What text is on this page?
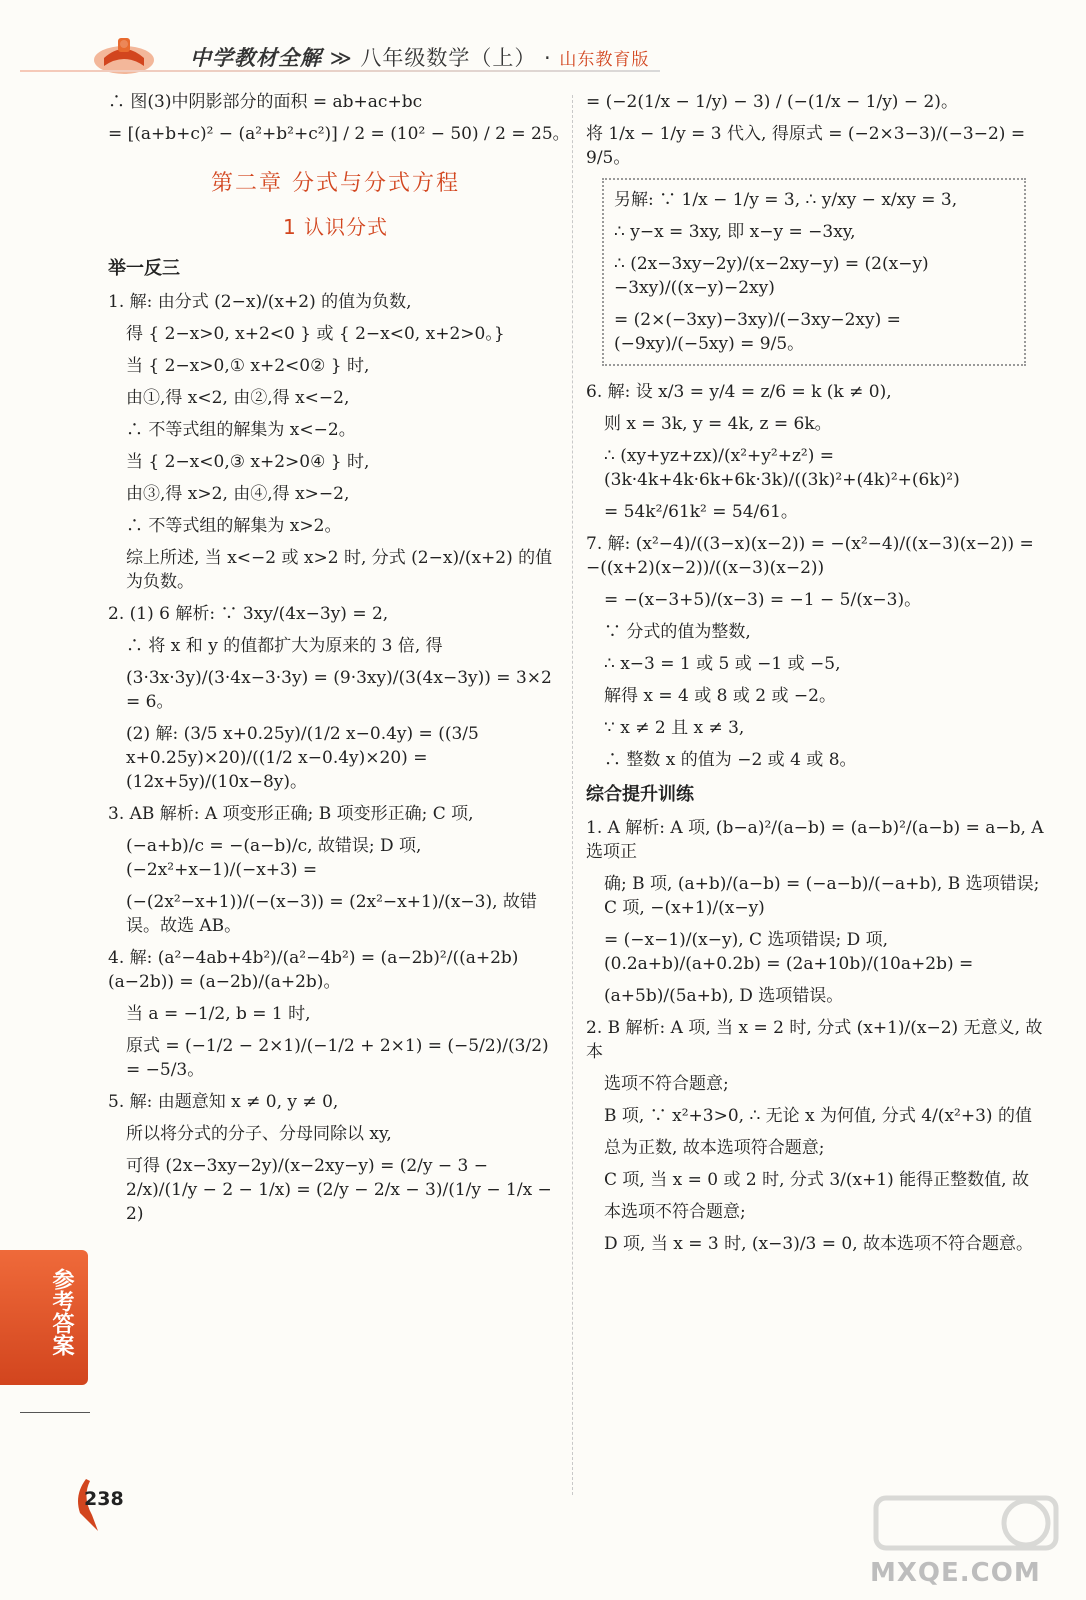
中学教材全解 ≫ 八年级数学（上） · 山东教育版

∴ 图(3)中阴影部分的面积 = ab+ac+bc

= [(a+b+c)² − (a²+b²+c²)] / 2 = (10² − 50) / 2 = 25。

第二章 分式与分式方程
1 认识分式
举一反三

1. 解: 由分式 (2−x)/(x+2) 的值为负数,

得 { 2−x>0, x+2<0 } 或 { 2−x<0, x+2>0。}

当 { 2−x>0,① x+2<0② } 时,

由①,得 x<2, 由②,得 x<−2,

∴ 不等式组的解集为 x<−2。

当 { 2−x<0,③ x+2>0④ } 时,

由③,得 x>2, 由④,得 x>−2,

∴ 不等式组的解集为 x>2。

综上所述, 当 x<−2 或 x>2 时, 分式 (2−x)/(x+2) 的值为负数。

2. (1) 6 解析: ∵ 3xy/(4x−3y) = 2,

∴ 将 x 和 y 的值都扩大为原来的 3 倍, 得

(3·3x·3y)/(3·4x−3·3y) = (9·3xy)/(3(4x−3y)) = 3×2 = 6。

(2) 解: (3/5 x+0.25y)/(1/2 x−0.4y) = ((3/5 x+0.25y)×20)/((1/2 x−0.4y)×20) = (12x+5y)/(10x−8y)。

3. AB 解析: A 项变形正确; B 项变形正确; C 项,

(−a+b)/c = −(a−b)/c, 故错误; D 项, (−2x²+x−1)/(−x+3) =

(−(2x²−x+1))/(−(x−3)) = (2x²−x+1)/(x−3), 故错误。故选 AB。

4. 解: (a²−4ab+4b²)/(a²−4b²) = (a−2b)²/((a+2b)(a−2b)) = (a−2b)/(a+2b)。

当 a = −1/2, b = 1 时,

原式 = (−1/2 − 2×1)/(−1/2 + 2×1) = (−5/2)/(3/2) = −5/3。

5. 解: 由题意知 x ≠ 0, y ≠ 0,

所以将分式的分子、分母同除以 xy,

可得 (2x−3xy−2y)/(x−2xy−y) = (2/y − 3 − 2/x)/(1/y − 2 − 1/x) = (2/y − 2/x − 3)/(1/y − 1/x − 2)

= (−2(1/x − 1/y) − 3) / (−(1/x − 1/y) − 2)。

将 1/x − 1/y = 3 代入, 得原式 = (−2×3−3)/(−3−2) = 9/5。

另解: ∵ 1/x − 1/y = 3, ∴ y/xy − x/xy = 3,

∴ y−x = 3xy, 即 x−y = −3xy,

∴ (2x−3xy−2y)/(x−2xy−y) = (2(x−y)−3xy)/((x−y)−2xy)

= (2×(−3xy)−3xy)/(−3xy−2xy) = (−9xy)/(−5xy) = 9/5。

6. 解: 设 x/3 = y/4 = z/6 = k (k ≠ 0),

则 x = 3k, y = 4k, z = 6k。

∴ (xy+yz+zx)/(x²+y²+z²) = (3k·4k+4k·6k+6k·3k)/((3k)²+(4k)²+(6k)²)

= 54k²/61k² = 54/61。

7. 解: (x²−4)/((3−x)(x−2)) = −(x²−4)/((x−3)(x−2)) = −((x+2)(x−2))/((x−3)(x−2))

= −(x−3+5)/(x−3) = −1 − 5/(x−3)。

∵ 分式的值为整数,

∴ x−3 = 1 或 5 或 −1 或 −5,

解得 x = 4 或 8 或 2 或 −2。

∵ x ≠ 2 且 x ≠ 3,

∴ 整数 x 的值为 −2 或 4 或 8。

综合提升训练

1. A 解析: A 项, (b−a)²/(a−b) = (a−b)²/(a−b) = a−b, A 选项正

确; B 项, (a+b)/(a−b) = (−a−b)/(−a+b), B 选项错误; C 项, −(x+1)/(x−y)

= (−x−1)/(x−y), C 选项错误; D 项, (0.2a+b)/(a+0.2b) = (2a+10b)/(10a+2b) =

(a+5b)/(5a+b), D 选项错误。

2. B 解析: A 项, 当 x = 2 时, 分式 (x+1)/(x−2) 无意义, 故本

选项不符合题意;

B 项, ∵ x²+3>0, ∴ 无论 x 为何值, 分式 4/(x²+3) 的值

总为正数, 故本选项符合题意;

C 项, 当 x = 0 或 2 时, 分式 3/(x+1) 能得正整数值, 故

本选项不符合题意;

D 项, 当 x = 3 时, (x−3)/3 = 0, 故本选项不符合题意。

参考答案
238
MXQE.COM
